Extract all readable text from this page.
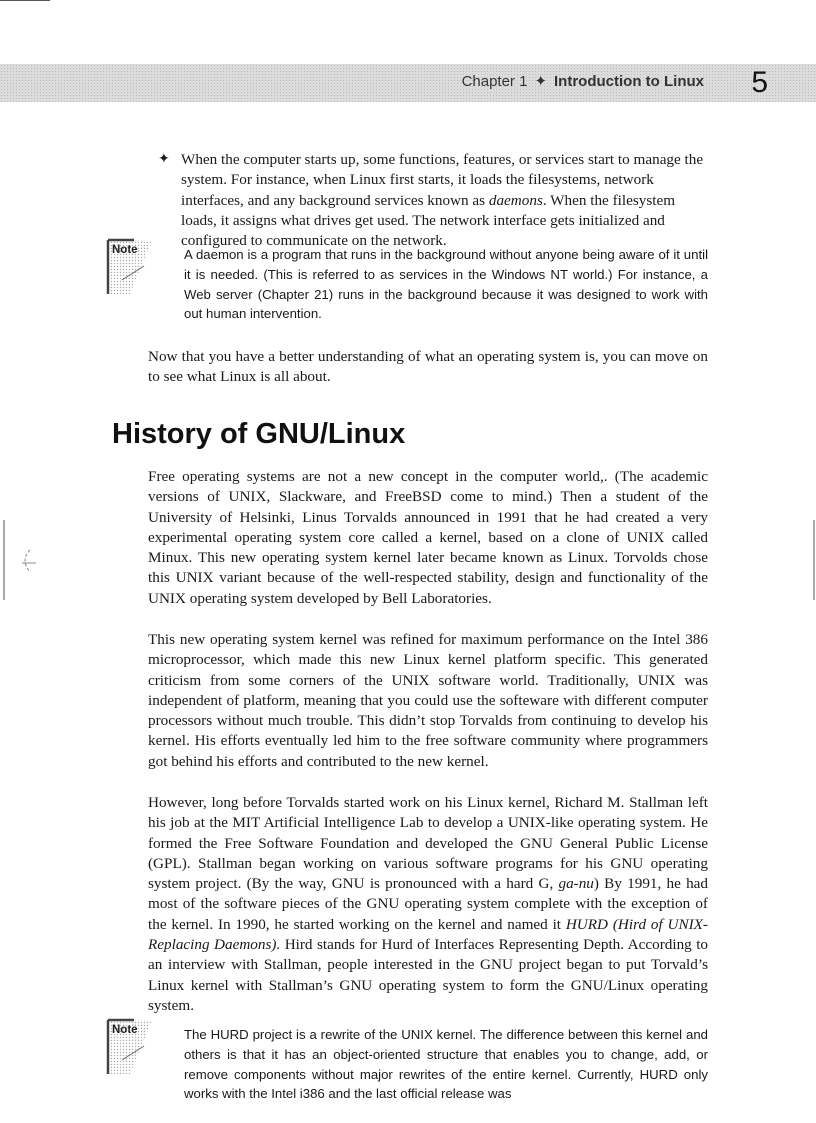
Chapter 1 ✦ Introduction to Linux 5

✦ When the computer starts up, some functions, features, or services start to manage the system. For instance, when Linux first starts, it loads the filesystems, network interfaces, and any background services known as daemons. When the filesystem loads, it assigns what drives get used. The network interface gets initialized and configured to communicate on the network.

Note	A daemon is a program that runs in the background without anyone being aware of it until it is needed. (This is referred to as services in the Windows NT world.) For instance, a Web server (Chapter 21) runs in the background because it was designed to work with out human intervention.

Now that you have a better understanding of what an operating system is, you can move on to see what Linux is all about.

History of GNU/Linux

Free operating systems are not a new concept in the computer world,. (The academic versions of UNIX, Slackware, and FreeBSD come to mind.) Then a student of the University of Helsinki, Linus Torvalds announced in 1991 that he had created a very experimental operating system core called a kernel, based on a clone of UNIX called Minux. This new operating system kernel later became known as Linux. Torvolds chose this UNIX variant because of the well-respected stability, design and functionality of the UNIX operating system developed by Bell Laboratories.

This new operating system kernel was refined for maximum performance on the Intel 386 microprocessor, which made this new Linux kernel platform specific. This generated criticism from some corners of the UNIX software world. Traditionally, UNIX was independent of platform, meaning that you could use the softeware with different computer processors without much trouble. This didn’t stop Torvalds from continuing to develop his kernel. His efforts eventually led him to the free software community where programmers got behind his efforts and contributed to the new kernel.

However, long before Torvalds started work on his Linux kernel, Richard M. Stallman left his job at the MIT Artificial Intelligence Lab to develop a UNIX-like operating system. He formed the Free Software Foundation and developed the GNU General Public License (GPL). Stallman began working on various software programs for his GNU operating system project. (By the way, GNU is pronounced with a hard G, ga-nu) By 1991, he had most of the software pieces of the GNU operating system complete with the exception of the kernel. In 1990, he started working on the kernel and named it HURD (Hird of UNIX-Replacing Daemons). Hird stands for Hurd of Interfaces Representing Depth. According to an interview with Stallman, people interested in the GNU project began to put Torvald’s Linux kernel with Stallman’s GNU operating system to form the GNU/Linux operating system.

Note	The HURD project is a rewrite of the UNIX kernel. The difference between this kernel and others is that it has an object-oriented structure that enables you to change, add, or remove components without major rewrites of the entire kernel. Currently, HURD only works with the Intel i386 and the last official release was
